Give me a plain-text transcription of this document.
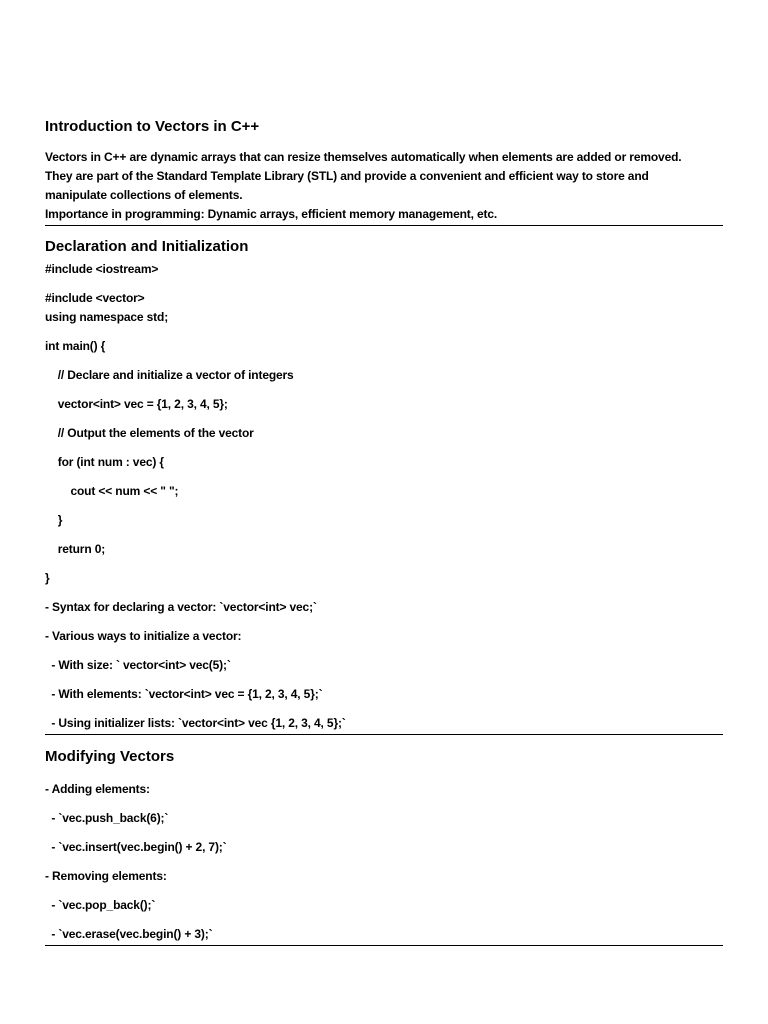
Introduction to Vectors in C++
Vectors in C++ are dynamic arrays that can resize themselves automatically when elements are added or removed.
They are part of the Standard Template Library (STL) and provide a convenient and efficient way to store and
manipulate collections of elements.
Importance in programming: Dynamic arrays, efficient memory management, etc.
Declaration and Initialization
#include <iostream>
#include <vector>
using namespace std;
int main() {
// Declare and initialize a vector of integers
vector<int> vec = {1, 2, 3, 4, 5};
// Output the elements of the vector
for (int num : vec) {
cout << num << " ";
}
return 0;
}
- Syntax for declaring a vector: `vector<int> vec;`
- Various ways to initialize a vector:
- With size: ` vector<int> vec(5);`
- With elements: `vector<int> vec = {1, 2, 3, 4, 5};`
- Using initializer lists: `vector<int> vec {1, 2, 3, 4, 5};`
Modifying Vectors
- Adding elements:
- `vec.push_back(6);`
- `vec.insert(vec.begin() + 2, 7);`
- Removing elements:
- `vec.pop_back();`
- `vec.erase(vec.begin() + 3);`
